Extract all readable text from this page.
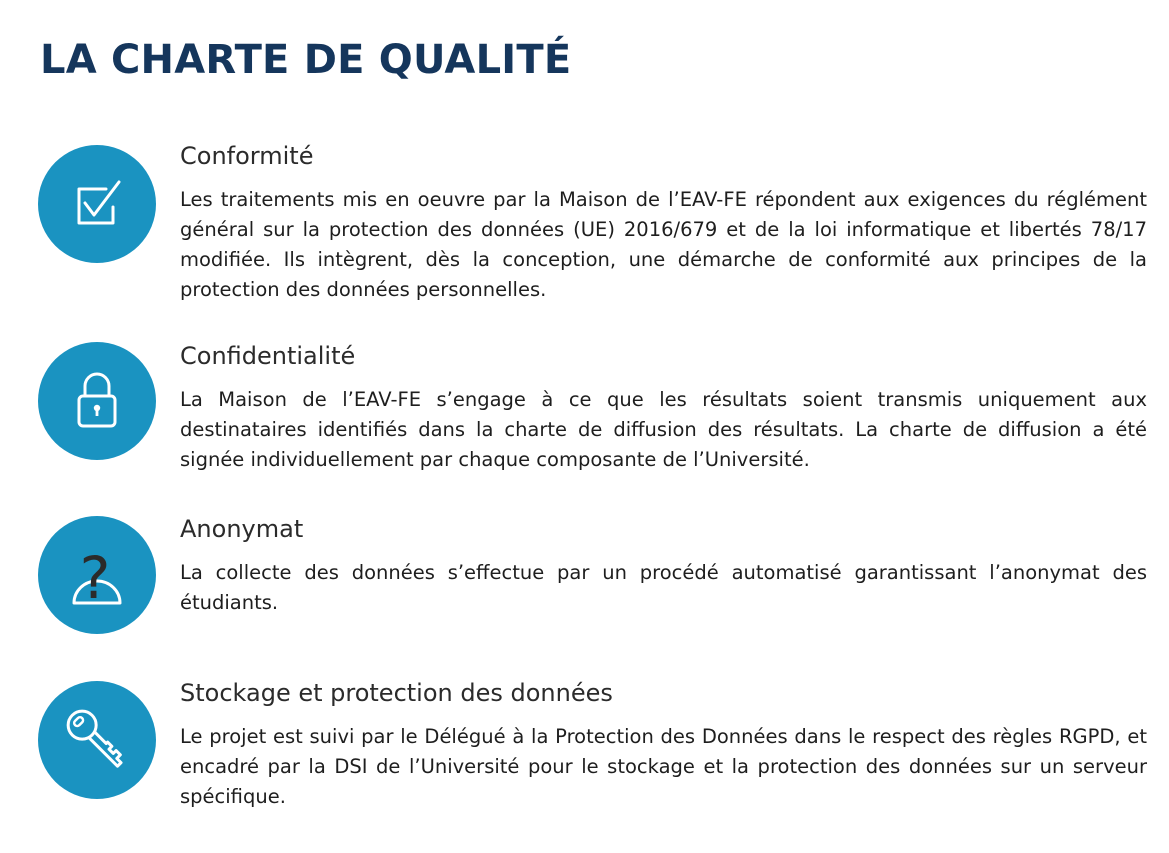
LA CHARTE DE QUALITÉ
Conformité

Les traitements mis en oeuvre par la Maison de l’EAV-FE répondent aux exigences du réglément général sur la protection des données (UE) 2016/679 et de la loi informatique et libertés 78/17 modifiée. Ils intègrent, dès la conception, une démarche de conformité aux principes de la protection des données personnelles.

Confidentialité

La Maison de l’EAV-FE s’engage à ce que les résultats soient transmis uniquement aux destinataires identifiés dans la charte de diffusion des résultats. La charte de diffusion a été signée individuellement par chaque composante de l’Université.

?
Anonymat

La collecte des données s’effectue par un procédé automatisé garantissant l’anonymat des étudiants.

Stockage et protection des données

Le projet est suivi par le Délégué à la Protection des Données dans le respect des règles RGPD, et encadré par la DSI de l’Université pour le stockage et la protection des données sur un serveur spécifique.
